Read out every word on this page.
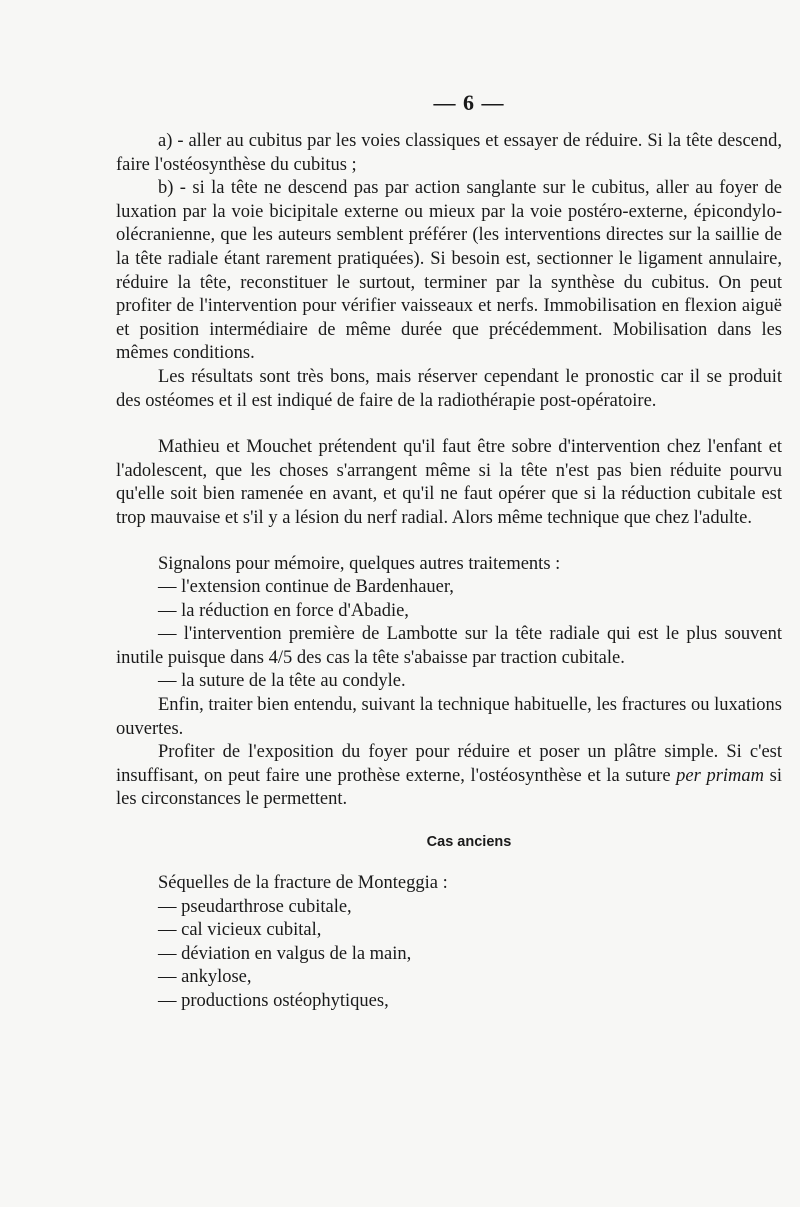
— 6 —

a) - aller au cubitus par les voies classiques et essayer de réduire. Si la tête descend, faire l'ostéosynthèse du cubitus ;

b) - si la tête ne descend pas par action sanglante sur le cubitus, aller au foyer de luxation par la voie bicipitale externe ou mieux par la voie postéro-externe, épicondylo-olécranienne, que les auteurs semblent préférer (les interventions directes sur la saillie de la tête radiale étant rarement pratiquées). Si besoin est, sectionner le ligament annulaire, réduire la tête, reconstituer le surtout, terminer par la synthèse du cubitus. On peut profiter de l'intervention pour vérifier vaisseaux et nerfs. Immobilisation en flexion aiguë et position intermédiaire de même durée que précédemment. Mobilisation dans les mêmes conditions.

Les résultats sont très bons, mais réserver cependant le pronostic car il se produit des ostéomes et il est indiqué de faire de la radiothérapie post-opératoire.

Mathieu et Mouchet prétendent qu'il faut être sobre d'intervention chez l'enfant et l'adolescent, que les choses s'arrangent même si la tête n'est pas bien réduite pourvu qu'elle soit bien ramenée en avant, et qu'il ne faut opérer que si la réduction cubitale est trop mauvaise et s'il y a lésion du nerf radial. Alors même technique que chez l'adulte.

Signalons pour mémoire, quelques autres traitements :

— l'extension continue de Bardenhauer,
— la réduction en force d'Abadie,

— l'intervention première de Lambotte sur la tête radiale qui est le plus souvent inutile puisque dans 4/5 des cas la tête s'abaisse par traction cubitale.

— la suture de la tête au condyle.

Enfin, traiter bien entendu, suivant la technique habituelle, les fractures ou luxations ouvertes.

Profiter de l'exposition du foyer pour réduire et poser un plâtre simple. Si c'est insuffisant, on peut faire une prothèse externe, l'ostéosynthèse et la suture per primam si les circonstances le permettent.

Cas anciens

Séquelles de la fracture de Monteggia :

— pseudarthrose cubitale,
— cal vicieux cubital,
— déviation en valgus de la main,
— ankylose,
— productions ostéophytiques,
